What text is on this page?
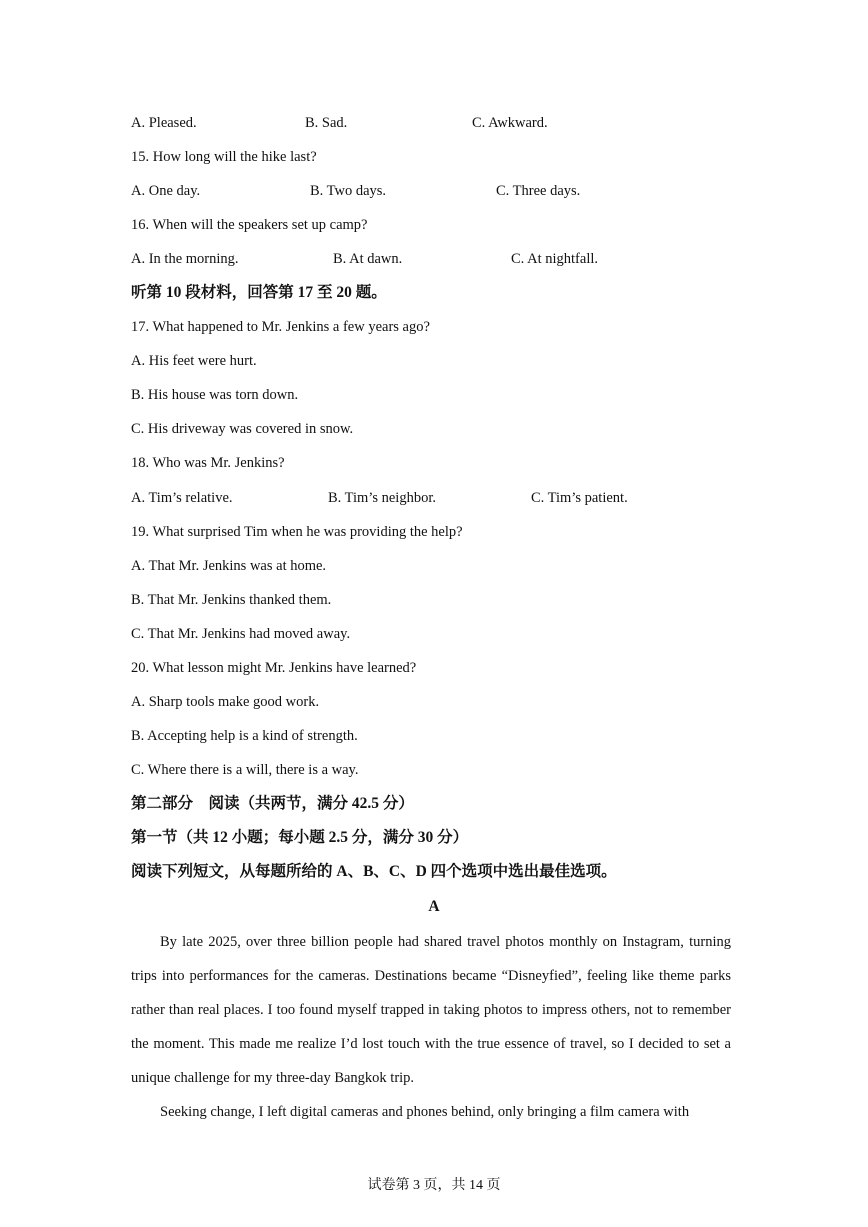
A. Pleased.	B. Sad.	C. Awkward.
15. How long will the hike last?
A. One day.	B. Two days.	C. Three days.
16. When will the speakers set up camp?
A. In the morning.	B. At dawn.	C. At nightfall.
听第 10 段材料，回答第 17 至 20 题。
17. What happened to Mr. Jenkins a few years ago?
A. His feet were hurt.
B. His house was torn down.
C. His driveway was covered in snow.
18. Who was Mr. Jenkins?
A. Tim’s relative.	B. Tim’s neighbor.	C. Tim’s patient.
19. What surprised Tim when he was providing the help?
A. That Mr. Jenkins was at home.
B. That Mr. Jenkins thanked them.
C. That Mr. Jenkins had moved away.
20. What lesson might Mr. Jenkins have learned?
A. Sharp tools make good work.
B. Accepting help is a kind of strength.
C. Where there is a will, there is a way.
第二部分    阅读（共两节，满分 42.5 分）
第一节（共 12 小题；每小题 2.5 分，满分 30 分）
阅读下列短文，从每题所给的 A、B、C、D 四个选项中选出最佳选项。
A

By late 2025, over three billion people had shared travel photos monthly on Instagram, turning trips into performances for the cameras. Destinations became “Disneyfied”, feeling like theme parks rather than real places. I too found myself trapped in taking photos to impress others, not to remember the moment. This made me realize I’d lost touch with the true essence of travel, so I decided to set a unique challenge for my three-day Bangkok trip.

Seeking change, I left digital cameras and phones behind, only bringing a film camera with

试卷第 3 页，共 14 页
